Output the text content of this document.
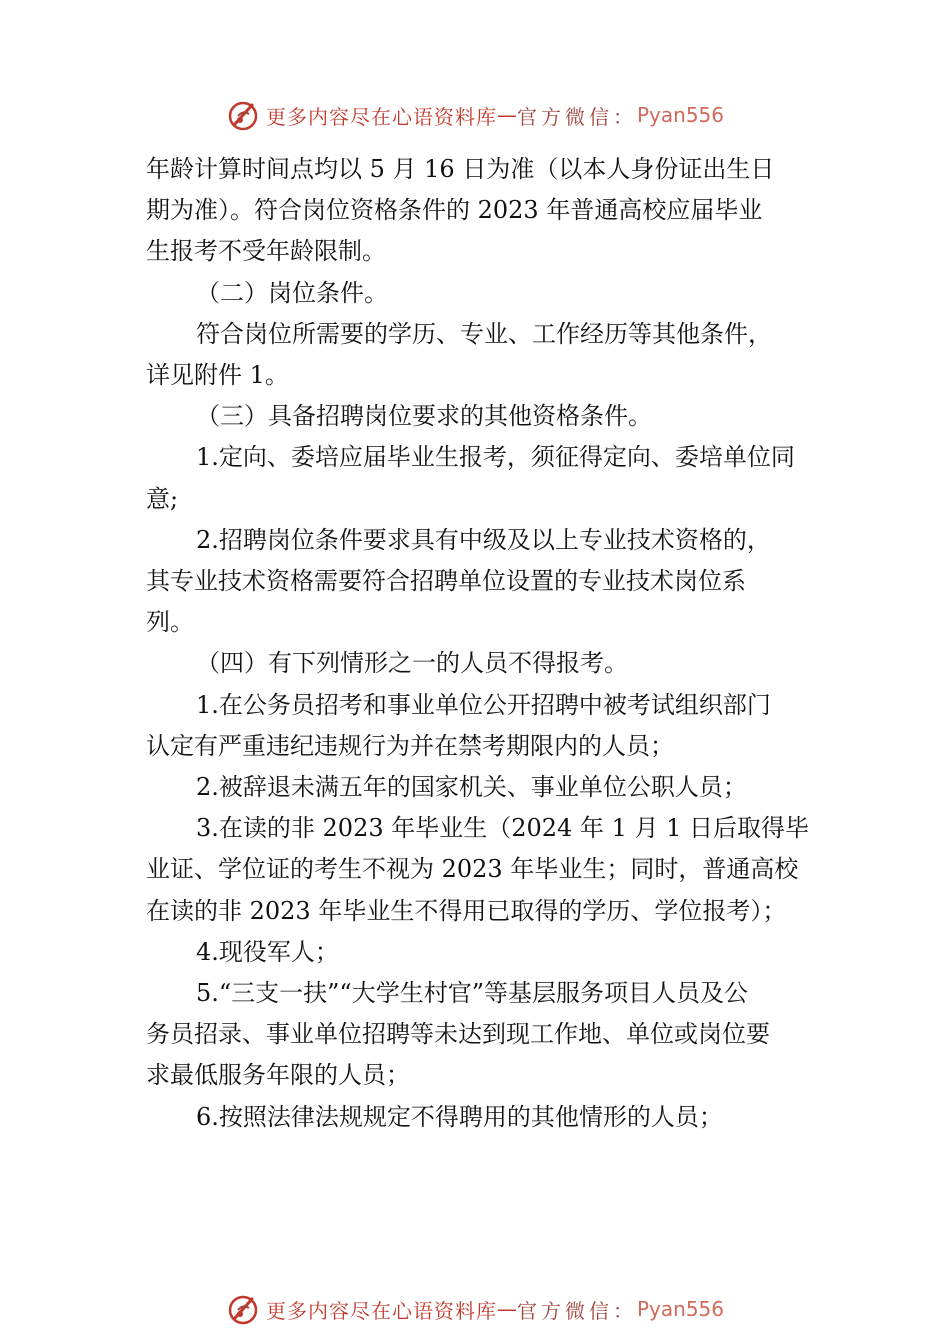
更多内容尽在心语资料库 — 官方微信： Pyan556

年龄计算时间点均以 5 月 16 日为准（以本人身份证出生日

期为准）。符合岗位资格条件的 2023 年普通高校应届毕业

生报考不受年龄限制。

（二）岗位条件。

符合岗位所需要的学历、专业、工作经历等其他条件，

详见附件 1。

（三）具备招聘岗位要求的其他资格条件。

1.定向、委培应届毕业生报考，须征得定向、委培单位同

意;

2.招聘岗位条件要求具有中级及以上专业技术资格的，

其专业技术资格需要符合招聘单位设置的专业技术岗位系

列。

（四）有下列情形之一的人员不得报考。

1.在公务员招考和事业单位公开招聘中被考试组织部门

认定有严重违纪违规行为并在禁考期限内的人员；

2.被辞退未满五年的国家机关、事业单位公职人员；

3.在读的非 2023 年毕业生（2024 年 1 月 1 日后取得毕

业证、学位证的考生不视为 2023 年毕业生；同时，普通高校

在读的非 2023 年毕业生不得用已取得的学历、学位报考）；

4.现役军人；

5.“三支一扶”“大学生村官”等基层服务项目人员及公

务员招录、事业单位招聘等未达到现工作地、单位或岗位要

求最低服务年限的人员；

6.按照法律法规规定不得聘用的其他情形的人员；

更多内容尽在心语资料库 — 官方微信： Pyan556
